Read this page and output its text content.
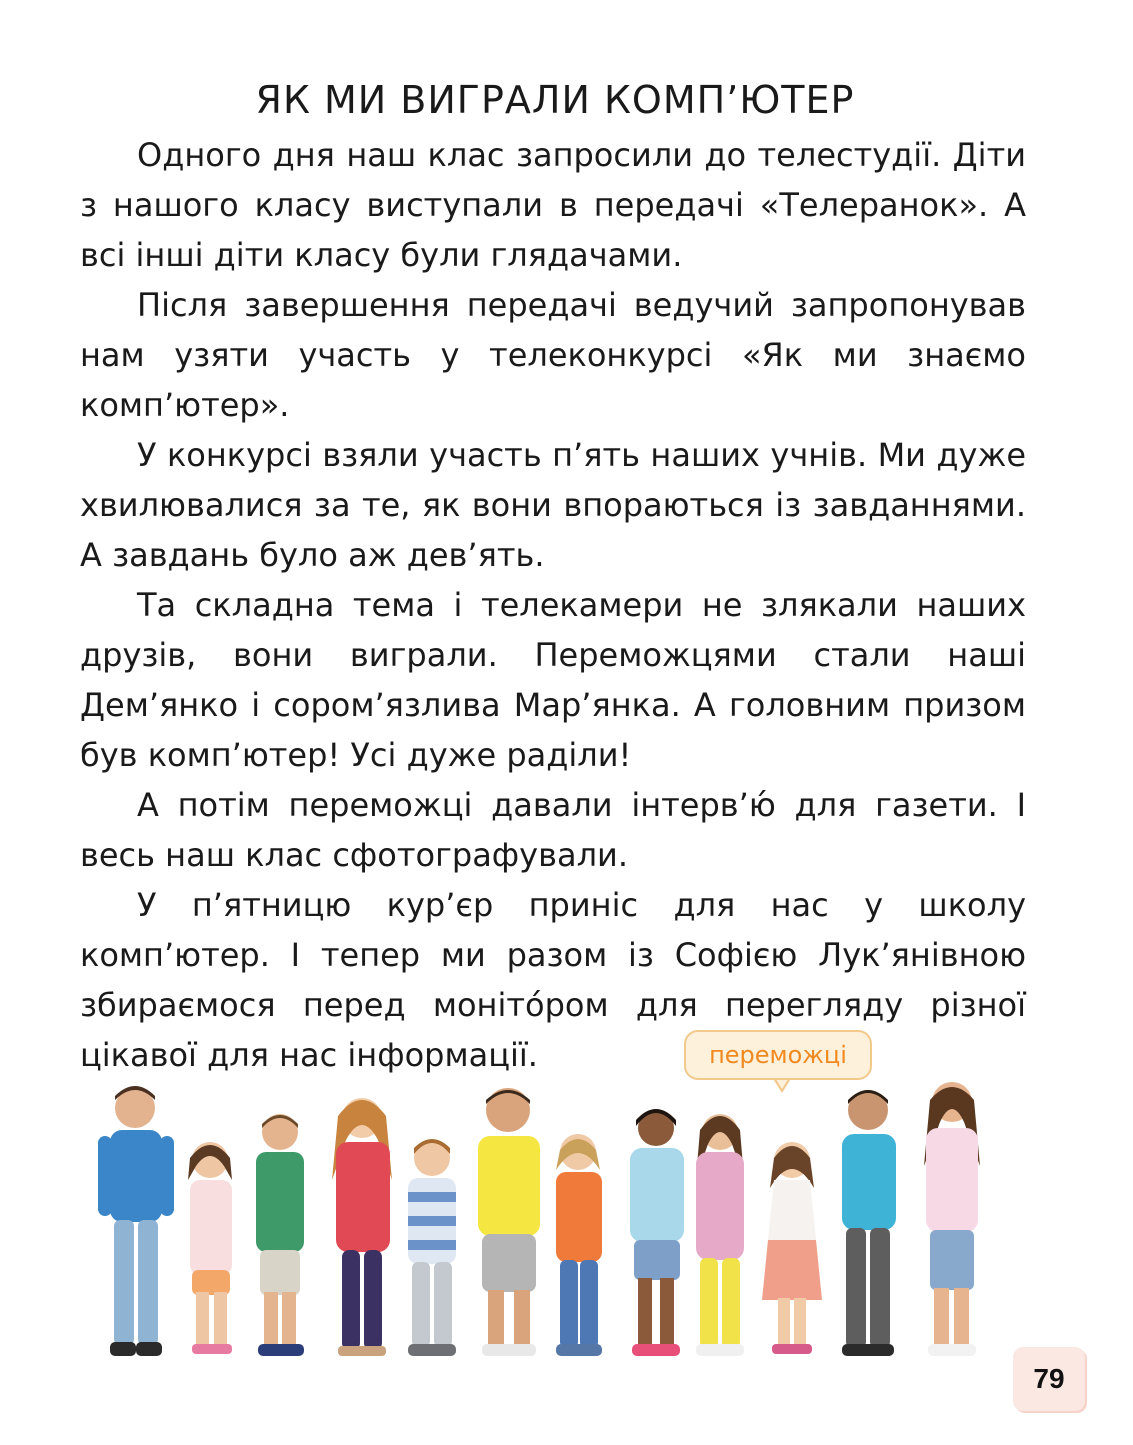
ЯК МИ ВИГРАЛИ КОМП’ЮТЕР

Одного дня наш клас запросили до телестудії. Діти з нашого класу виступали в передачі «Телеранок». А всі інші діти класу були глядачами.

Після завершення передачі ведучий запропонував нам узяти участь у телеконкурсі «Як ми знаємо комп’ютер».

У конкурсі взяли участь п’ять наших учнів. Ми дуже хвилювалися за те, як вони впораються із завданнями. А завдань було аж дев’ять.

Та складна тема і телекамери не злякали наших друзів, вони виграли. Переможцями стали наші Дем’янко і сором’язлива Мар’янка. А головним призом був комп’ютер! Усі дуже раділи!

А потім переможці давали інтерв’ю́ для газети. І весь наш клас сфотографували.

У п’ятницю кур’єр приніс для нас у школу комп’ютер. І тепер ми разом із Софією Лук’янівною збираємося перед моніто́ром для перегляду різної цікавої для нас інформації.	переможці
79
